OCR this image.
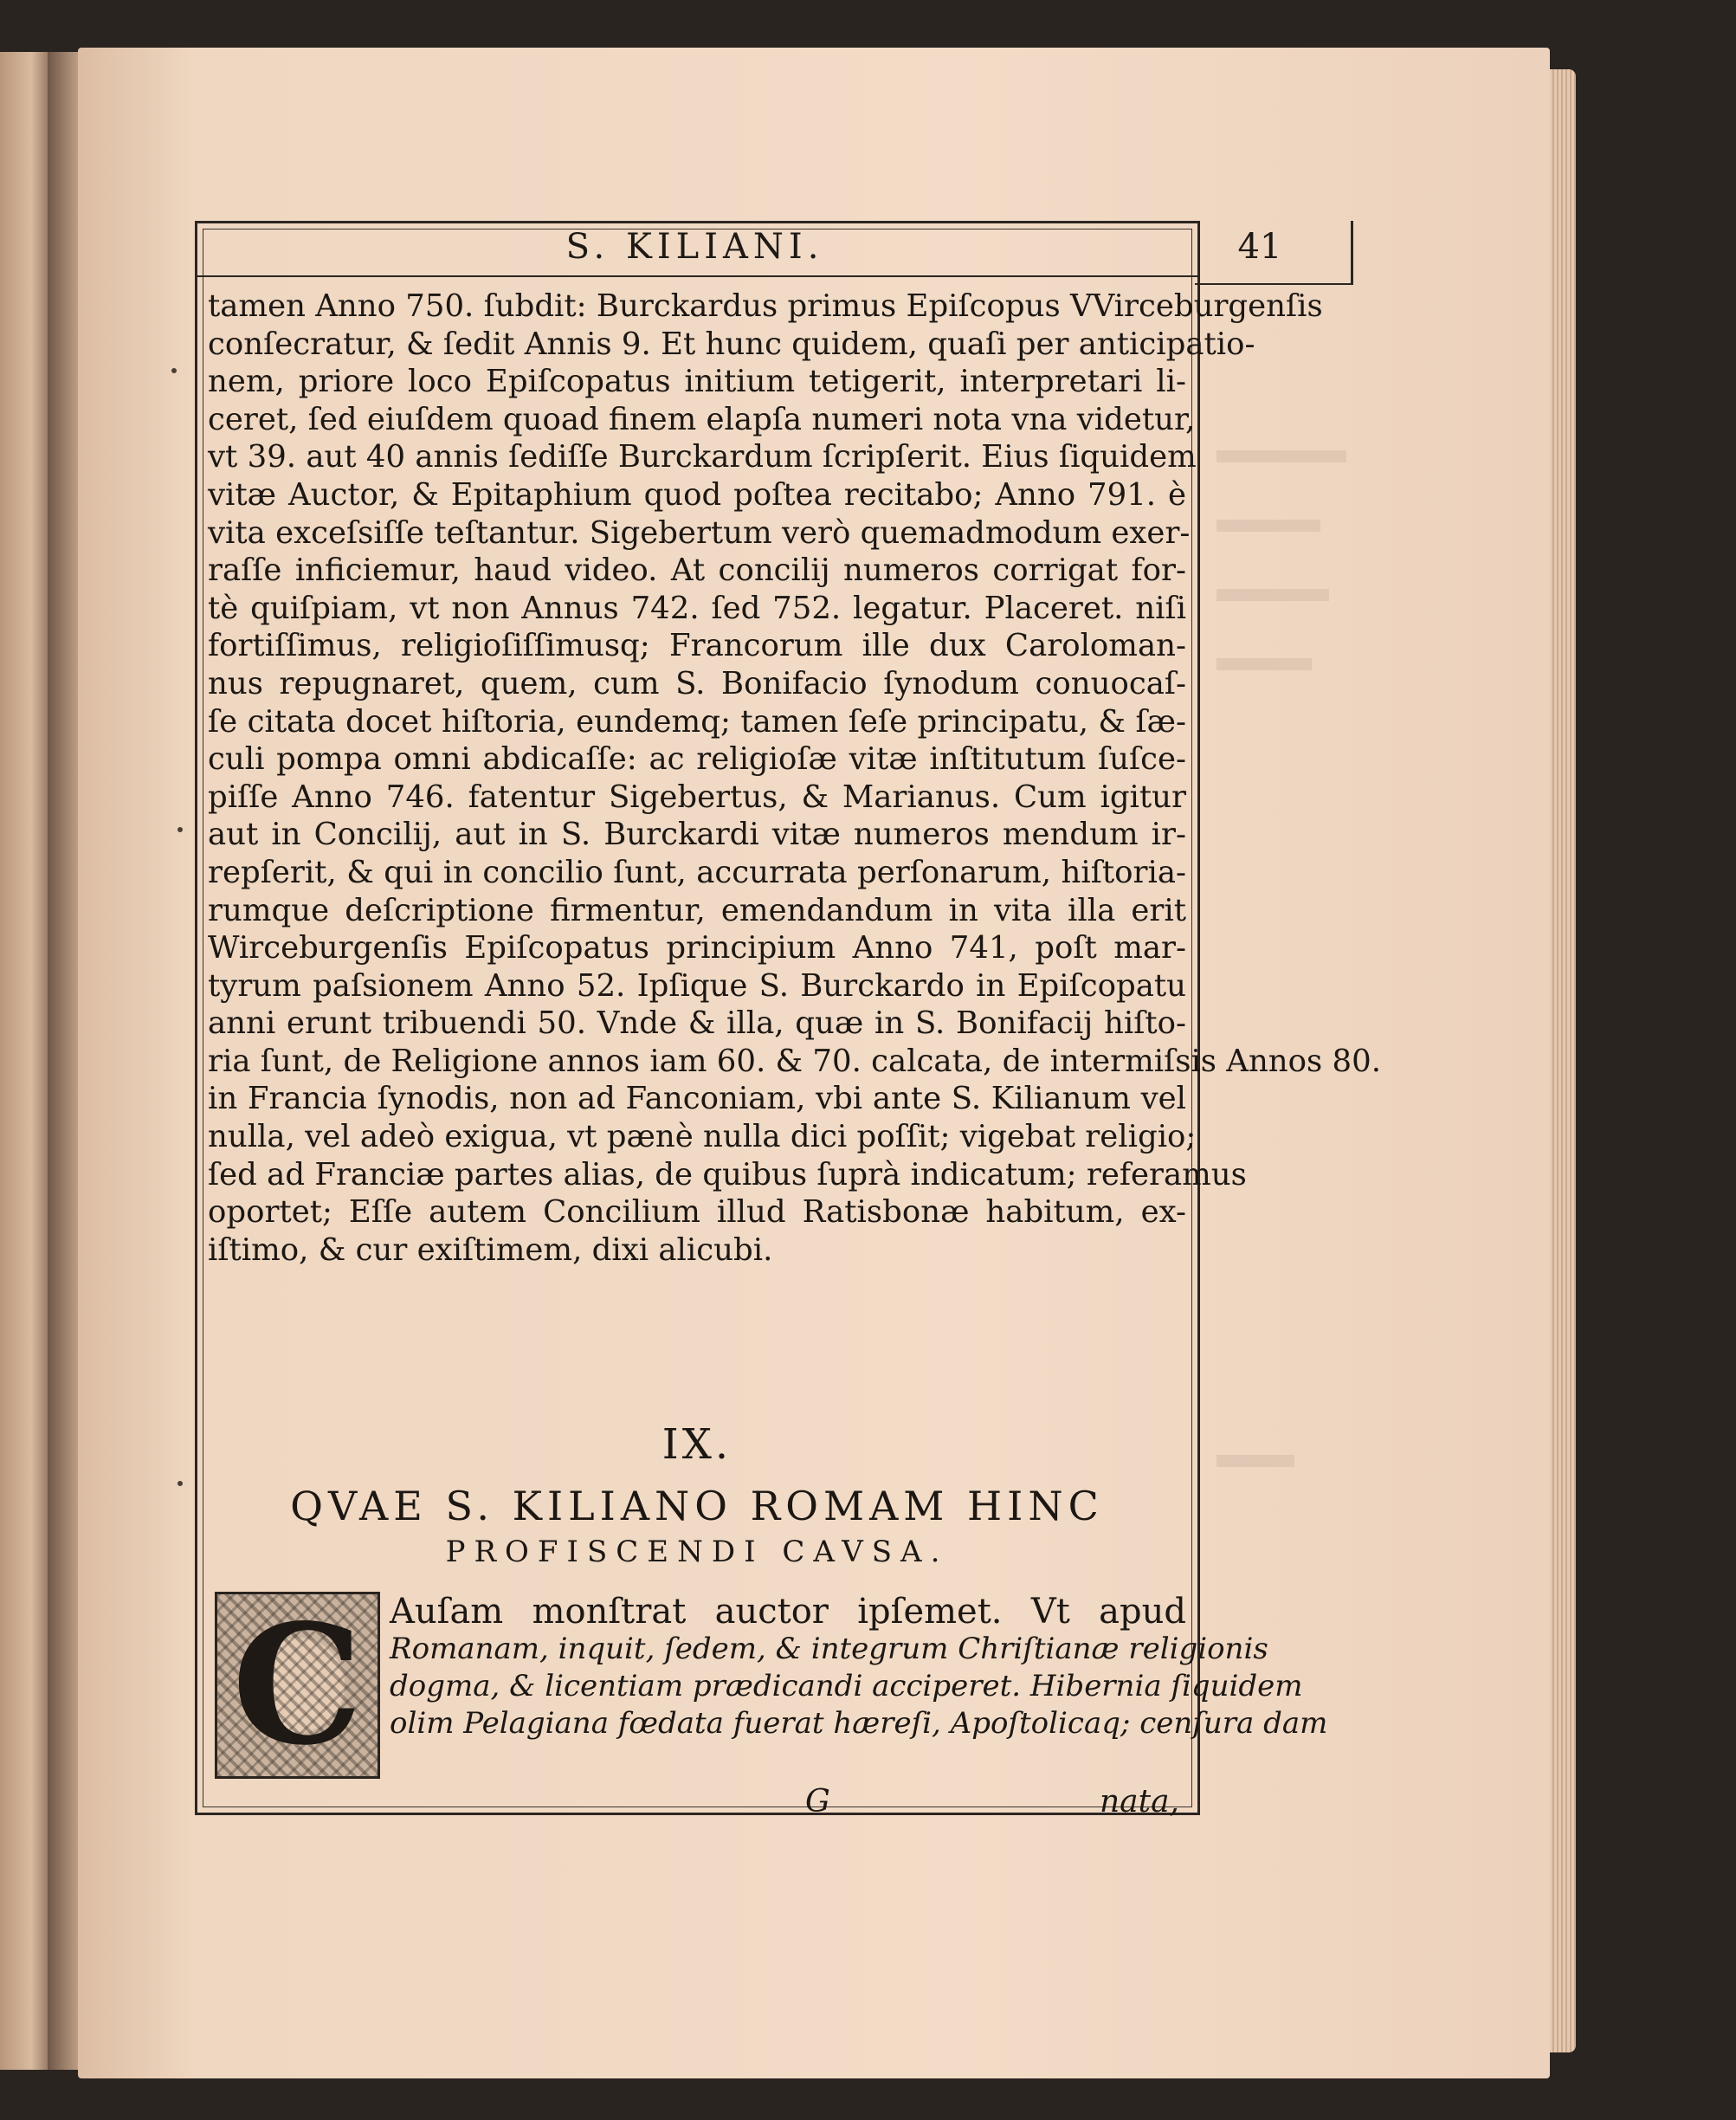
S. KILIANI.	41
tamen Anno 750. ſubdit: Burckardus primus Epiſcopus VVirceburgenſis
conſecratur, & ſedit Annis 9. Et hunc quidem, quaſi per anticipatio-
nem, priore loco Epiſcopatus initium tetigerit, interpretari li-
ceret, ſed eiuſdem quoad finem elapſa numeri nota vna videtur,
vt 39. aut 40 annis ſediſſe Burckardum ſcripſerit. Eius ſiquidem
vitæ Auctor, & Epitaphium quod poſtea recitabo; Anno 791. è
vita exceſsiſſe teſtantur. Sigebertum verò quemadmodum exer-
raſſe inficiemur, haud video. At concilij numeros corrigat for-
tè quiſpiam, vt non Annus 742. ſed 752. legatur. Placeret. niſi
fortiſſimus, religioſiſſimusq; Francorum ille dux Caroloman-
nus repugnaret, quem, cum S. Bonifacio ſynodum conuocaſ-
ſe citata docet hiſtoria, eundemq; tamen ſeſe principatu, & ſæ-
culi pompa omni abdicaſſe: ac religioſæ vitæ inſtitutum ſuſce-
piſſe Anno 746. fatentur Sigebertus, & Marianus. Cum igitur
aut in Concilij, aut in S. Burckardi vitæ numeros mendum ir-
repſerit, & qui in concilio ſunt, accurrata perſonarum, hiſtoria-
rumque deſcriptione firmentur, emendandum in vita illa erit
Wirceburgenſis Epiſcopatus principium Anno 741, poſt mar-
tyrum paſsionem Anno 52. Ipſique S. Burckardo in Epiſcopatu
anni erunt tribuendi 50. Vnde & illa, quæ in S. Bonifacij hiſto-
ria ſunt, de Religione annos iam 60. & 70. calcata, de intermiſsis Annos 80.
in Francia ſynodis, non ad Fanconiam, vbi ante S. Kilianum vel
nulla, vel adeò exigua, vt pænè nulla dici poſſit; vigebat religio;
ſed ad Franciæ partes alias, de quibus ſuprà indicatum; referamus
oportet; Eſſe autem Concilium illud Ratisbonæ habitum, ex-
iſtimo, & cur exiſtimem, dixi alicubi.
IX.
QVAE S. KILIANO ROMAM HINC
PROFISCENDI CAVSA.
C Auſam monſtrat auctor ipſemet. Vt apud
Romanam, inquit, ſedem, & integrum Chriſtianæ religionis
dogma, & licentiam prædicandi acciperet. Hibernia ſiquidem
olim Pelagiana fœdata fuerat hæreſi, Apoſtolicaq; cenſura dam
G	nata,
